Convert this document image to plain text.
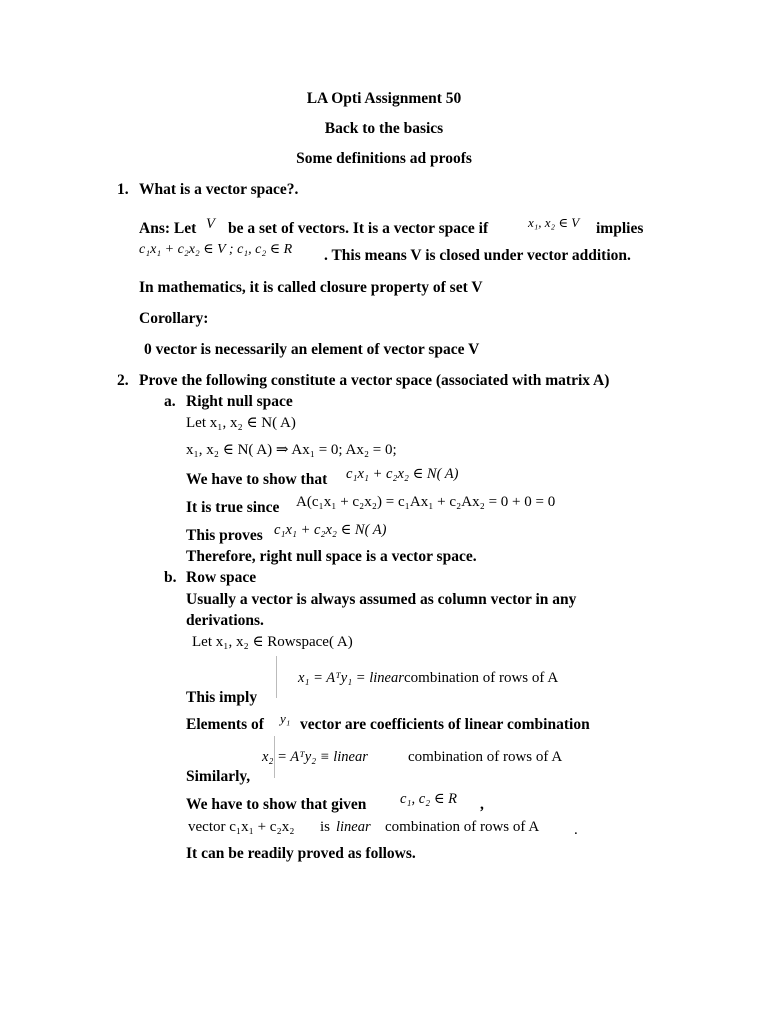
LA Opti Assignment 50
Back to the basics
Some definitions ad proofs
1. What is a vector space?.
Ans: Let V be a set of vectors. It is a vector space if	x₁, x₂ ∈ V implies
c₁x₁ + c₂x₂ ∈ V ; c₁, c₂ ∈ R . This means V is closed under vector addition.
In mathematics, it is called closure property of set V
Corollary:
0 vector is necessarily an element of vector space V
2. Prove the following constitute a vector space (associated with matrix A)
a. Right null space
Let x₁, x₂ ∈ N( A)
x₁, x₂ ∈ N( A) ⇒ Ax₁ = 0; Ax₂ = 0;
We have to show that c₁x₁ + c₂x₂ ∈ N( A)
It is true since A(c₁x₁ + c₂x₂) = c₁Ax₁ + c₂Ax₂ = 0 + 0 = 0
This proves c₁x₁ + c₂x₂ ∈ N( A)
Therefore, right null space is a vector space.
b. Row space
Usually a vector is always assumed as column vector in any
derivations.
Let x₁, x₂ ∈ Rowspace( A)
x₁ = Aᵀy₁ = linear combination of rows of A
This imply
Elements of y₁ vector are coefficients of linear combination
x₂ = Aᵀy₂ ≡ linear	combination of rows of A
Similarly,
We have to show that given c₁, c₂ ∈ R ,
vector c₁x₁ + c₂x₂ is linear combination of rows of A .
It can be readily proved as follows.
